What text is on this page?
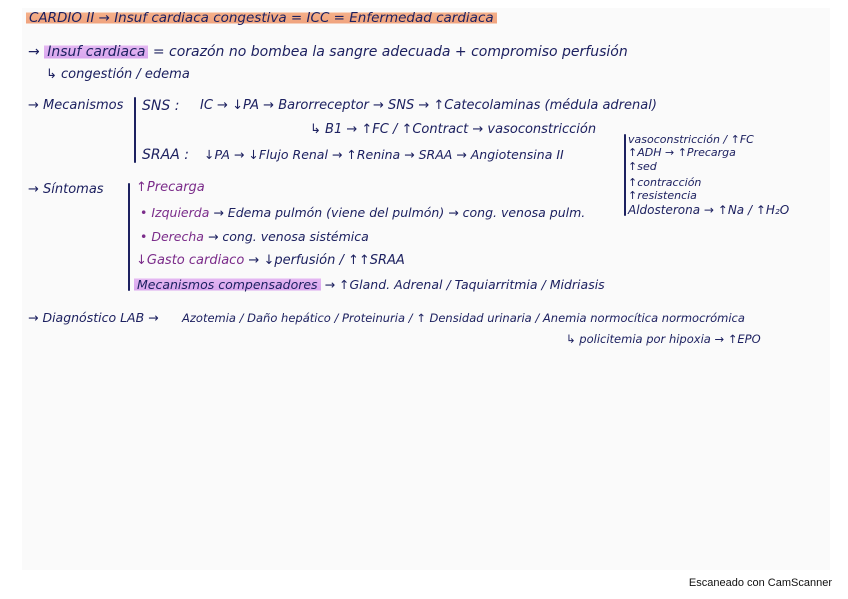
CARDIO II → Insuf cardiaca congestiva = ICC = Enfermedad cardiaca
→ Insuf cardiaca = corazón no bombea la sangre adecuada + compromiso perfusión
↳ congestión / edema
→ Mecanismos SNS : IC → ↓PA → Barorreceptor → SNS → ↑Catecolaminas (médula adrenal)
↳ B1 → ↑FC / ↑Contract → vasoconstricción
SRAA : ↓PA → ↓Flujo Renal → ↑Renina → SRAA → Angiotensina II
vasoconstricción / ↑FC
↑ADH → ↑Precarga
↑sed
↑contracción
↑resistencia
Aldosterona → ↑Na / ↑H₂O
→ Síntomas ↑Precarga
• Izquierda → Edema pulmón (viene del pulmón) → cong. venosa pulm.
• Derecha → cong. venosa sistémica
↓Gasto cardiaco → ↓perfusión / ↑↑SRAA
Mecanismos compensadores → ↑Gland. Adrenal / Taquiarritmia / Midriasis
→ Diagnóstico LAB → Azotemia / Daño hepático / Proteinuria / ↑ Densidad urinaria / Anemia normocítica normocrómica
↳ policitemia por hipoxia → ↑EPO
Escaneado con CamScanner
